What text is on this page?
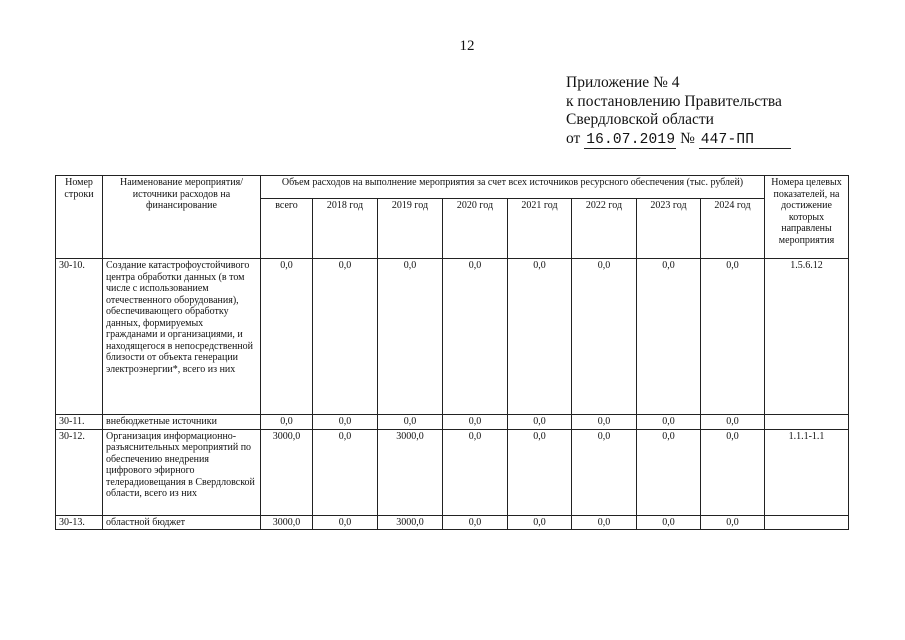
12
Приложение № 4
к постановлению Правительства
Свердловской области
от 16.07.2019 № 447-ПП
Номер строки	Наименование мероприятия/ источники расходов на финансирование	Объем расходов на выполнение мероприятия за счет всех источников ресурсного обеспечения (тыс. рублей)								Номера целевых показателей, на достижение которых направлены мероприятия
		всего	2018 год	2019 год	2020 год	2021 год	2022 год	2023 год	2024 год	
30-10.	Создание катастрофоустойчивого центра обработки данных (в том числе с использованием отечественного оборудования), обеспечивающего обработку данных, формируемых гражданами и организациями, и находящегося в непосредственной близости от объекта генерации электроэнергии*, всего из них	0,0	0,0	0,0	0,0	0,0	0,0	0,0	0,0	1.5.6.12
30-11.	внебюджетные источники	0,0	0,0	0,0	0,0	0,0	0,0	0,0	0,0	
30-12.	Организация информационно-разъяснительных мероприятий по обеспечению внедрения цифрового эфирного телерадиовещания в Свердловской области, всего из них	3000,0	0,0	3000,0	0,0	0,0	0,0	0,0	0,0	1.1.1-1.1
30-13.	областной бюджет	3000,0	0,0	3000,0	0,0	0,0	0,0	0,0	0,0	
